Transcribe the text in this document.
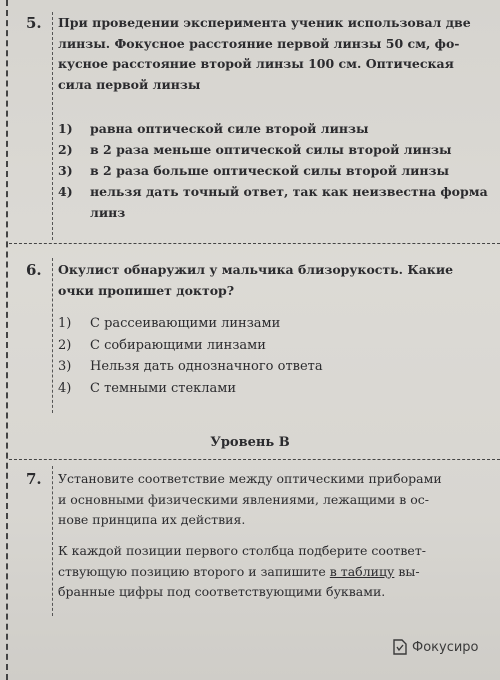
5. При проведении эксперимента ученик использовал две
линзы. Фокусное расстояние первой линзы 50 см, фо-
кусное расстояние второй линзы 100 см. Оптическая
сила первой линзы
1)	равна оптической силе второй линзы
2)	в 2 раза меньше оптической силы второй линзы
3)	в 2 раза больше оптической силы второй линзы
4)	нельзя дать точный ответ, так как неизвестна форма
линз
6. Окулист обнаружил у мальчика близорукость. Какие
очки пропишет доктор?
1)	С рассеивающими линзами
2)	С собирающими линзами
3)	Нельзя дать однозначного ответа
4)	С темными стеклами
Уровень В
7. Установите соответствие между оптическими приборами
и основными физическими явлениями, лежащими в ос-
нове принципа их действия.
К каждой позиции первого столбца подберите соответ-
ствующую позицию второго и запишите в таблицу вы-
бранные цифры под соответствующими буквами.
Фокусиро
